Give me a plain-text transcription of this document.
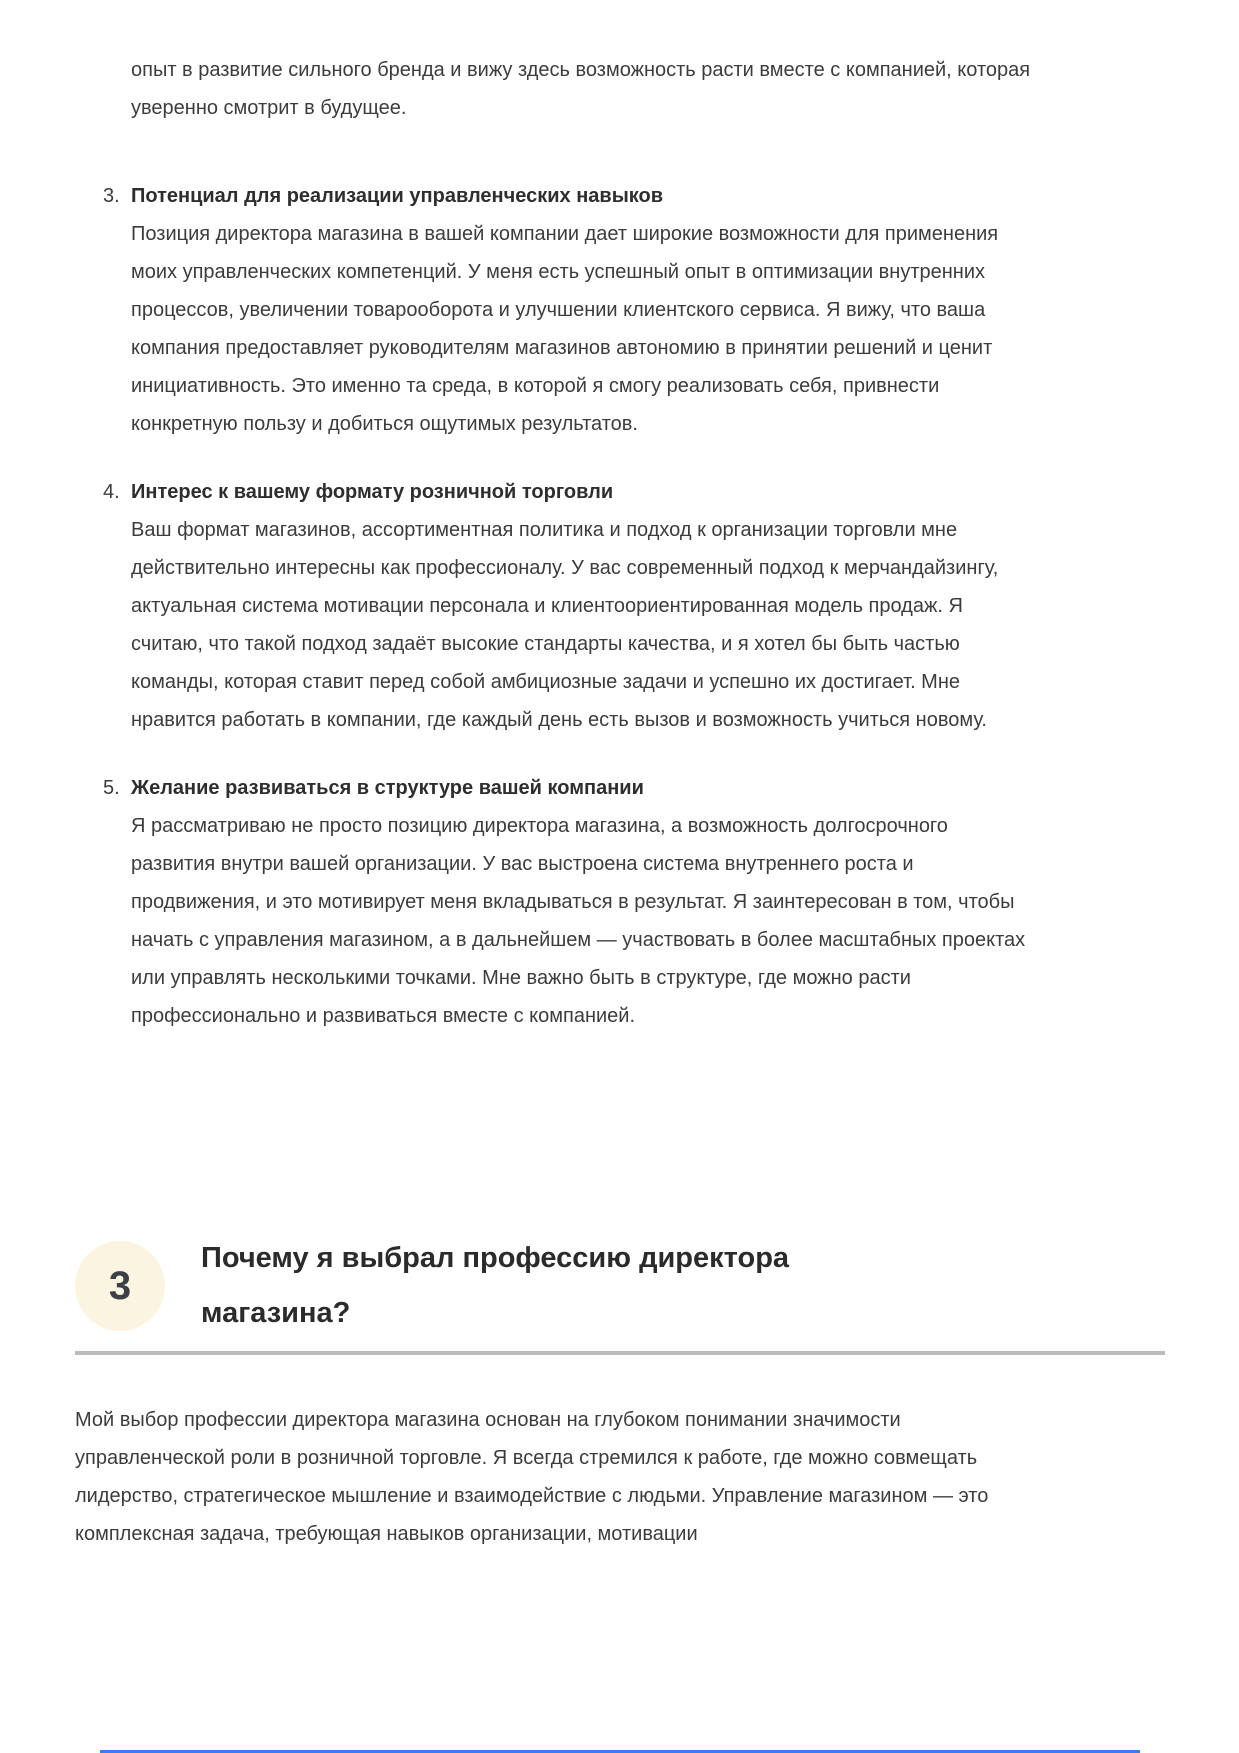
опыт в развитие сильного бренда и вижу здесь возможность расти вместе с компанией, которая уверенно смотрит в будущее.

3. Потенциал для реализации управленческих навыков

Позиция директора магазина в вашей компании дает широкие возможности для применения моих управленческих компетенций. У меня есть успешный опыт в оптимизации внутренних процессов, увеличении товарооборота и улучшении клиентского сервиса. Я вижу, что ваша компания предоставляет руководителям магазинов автономию в принятии решений и ценит инициативность. Это именно та среда, в которой я смогу реализовать себя, привнести конкретную пользу и добиться ощутимых результатов.

4. Интерес к вашему формату розничной торговли

Ваш формат магазинов, ассортиментная политика и подход к организации торговли мне действительно интересны как профессионалу. У вас современный подход к мерчандайзингу, актуальная система мотивации персонала и клиентоориентированная модель продаж. Я считаю, что такой подход задаёт высокие стандарты качества, и я хотел бы быть частью команды, которая ставит перед собой амбициозные задачи и успешно их достигает. Мне нравится работать в компании, где каждый день есть вызов и возможность учиться новому.

5. Желание развиваться в структуре вашей компании

Я рассматриваю не просто позицию директора магазина, а возможность долгосрочного развития внутри вашей организации. У вас выстроена система внутреннего роста и продвижения, и это мотивирует меня вкладываться в результат. Я заинтересован в том, чтобы начать с управления магазином, а в дальнейшем — участвовать в более масштабных проектах или управлять несколькими точками. Мне важно быть в структуре, где можно расти профессионально и развиваться вместе с компанией.

3
Почему я выбрал профессию директора магазина?

Мой выбор профессии директора магазина основан на глубоком понимании значимости управленческой роли в розничной торговле. Я всегда стремился к работе, где можно совмещать лидерство, стратегическое мышление и взаимодействие с людьми. Управление магазином — это комплексная задача, требующая навыков организации, мотивации
